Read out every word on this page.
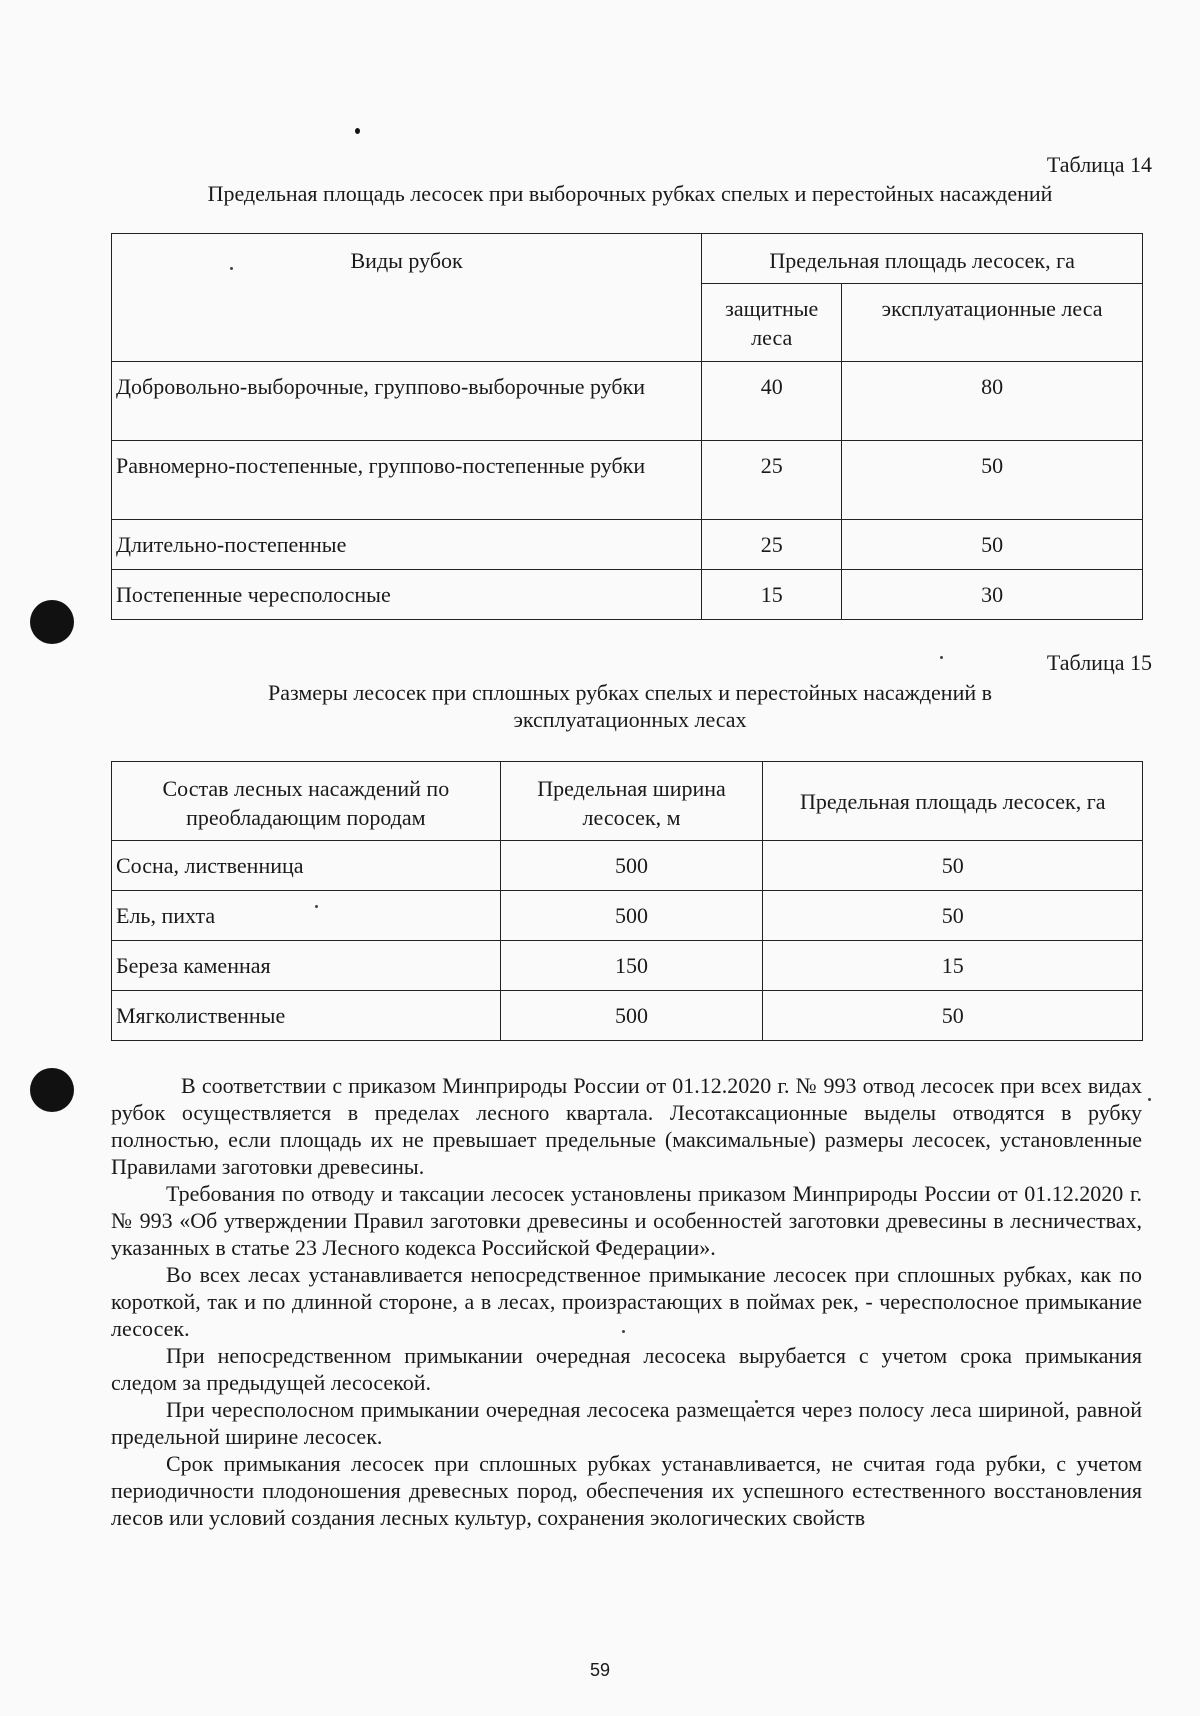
Таблица 14
Предельная площадь лесосек при выборочных рубках спелых и перестойных насаждений
Виды рубок	Предельная площадь лесосек, га	
	защитные леса	эксплуатационные леса
Добровольно-выборочные, группово-выборочные рубки	40	80
Равномерно-постепенные, группово-постепенные рубки	25	50
Длительно-постепенные	25	50
Постепенные чересполосные	15	30
Таблица 15
Размеры лесосек при сплошных рубках спелых и перестойных насаждений в
эксплуатационных лесах
Состав лесных насаждений по преобладающим породам	Предельная ширина лесосек, м	Предельная площадь лесосек, га
Сосна, лиственница	500	50
Ель, пихта	500	50
Береза каменная	150	15
Мягколиственные	500	50

В соответствии с приказом Минприроды России от 01.12.2020 г. № 993 отвод лесосек при всех видах рубок осуществляется в пределах лесного квартала. Лесотаксационные выделы отводятся в рубку полностью, если площадь их не превышает предельные (максимальные) размеры лесосек, установленные Правилами заготовки древесины.

Требования по отводу и таксации лесосек установлены приказом Минприроды России от 01.12.2020 г. № 993 «Об утверждении Правил заготовки древесины и особенностей заготовки древесины в лесничествах, указанных в статье 23 Лесного кодекса Российской Федерации».

Во всех лесах устанавливается непосредственное примыкание лесосек при сплошных рубках, как по короткой, так и по длинной стороне, а в лесах, произрастающих в поймах рек, - чересполосное примыкание лесосек.

При непосредственном примыкании очередная лесосека вырубается с учетом срока примыкания следом за предыдущей лесосекой.

При чересполосном примыкании очередная лесосека размещается через полосу леса шириной, равной предельной ширине лесосек.

Срок примыкания лесосек при сплошных рубках устанавливается, не считая года рубки, с учетом периодичности плодоношения древесных пород, обеспечения их успешного естественного восстановления лесов или условий создания лесных культур, сохранения экологических свойств

59
